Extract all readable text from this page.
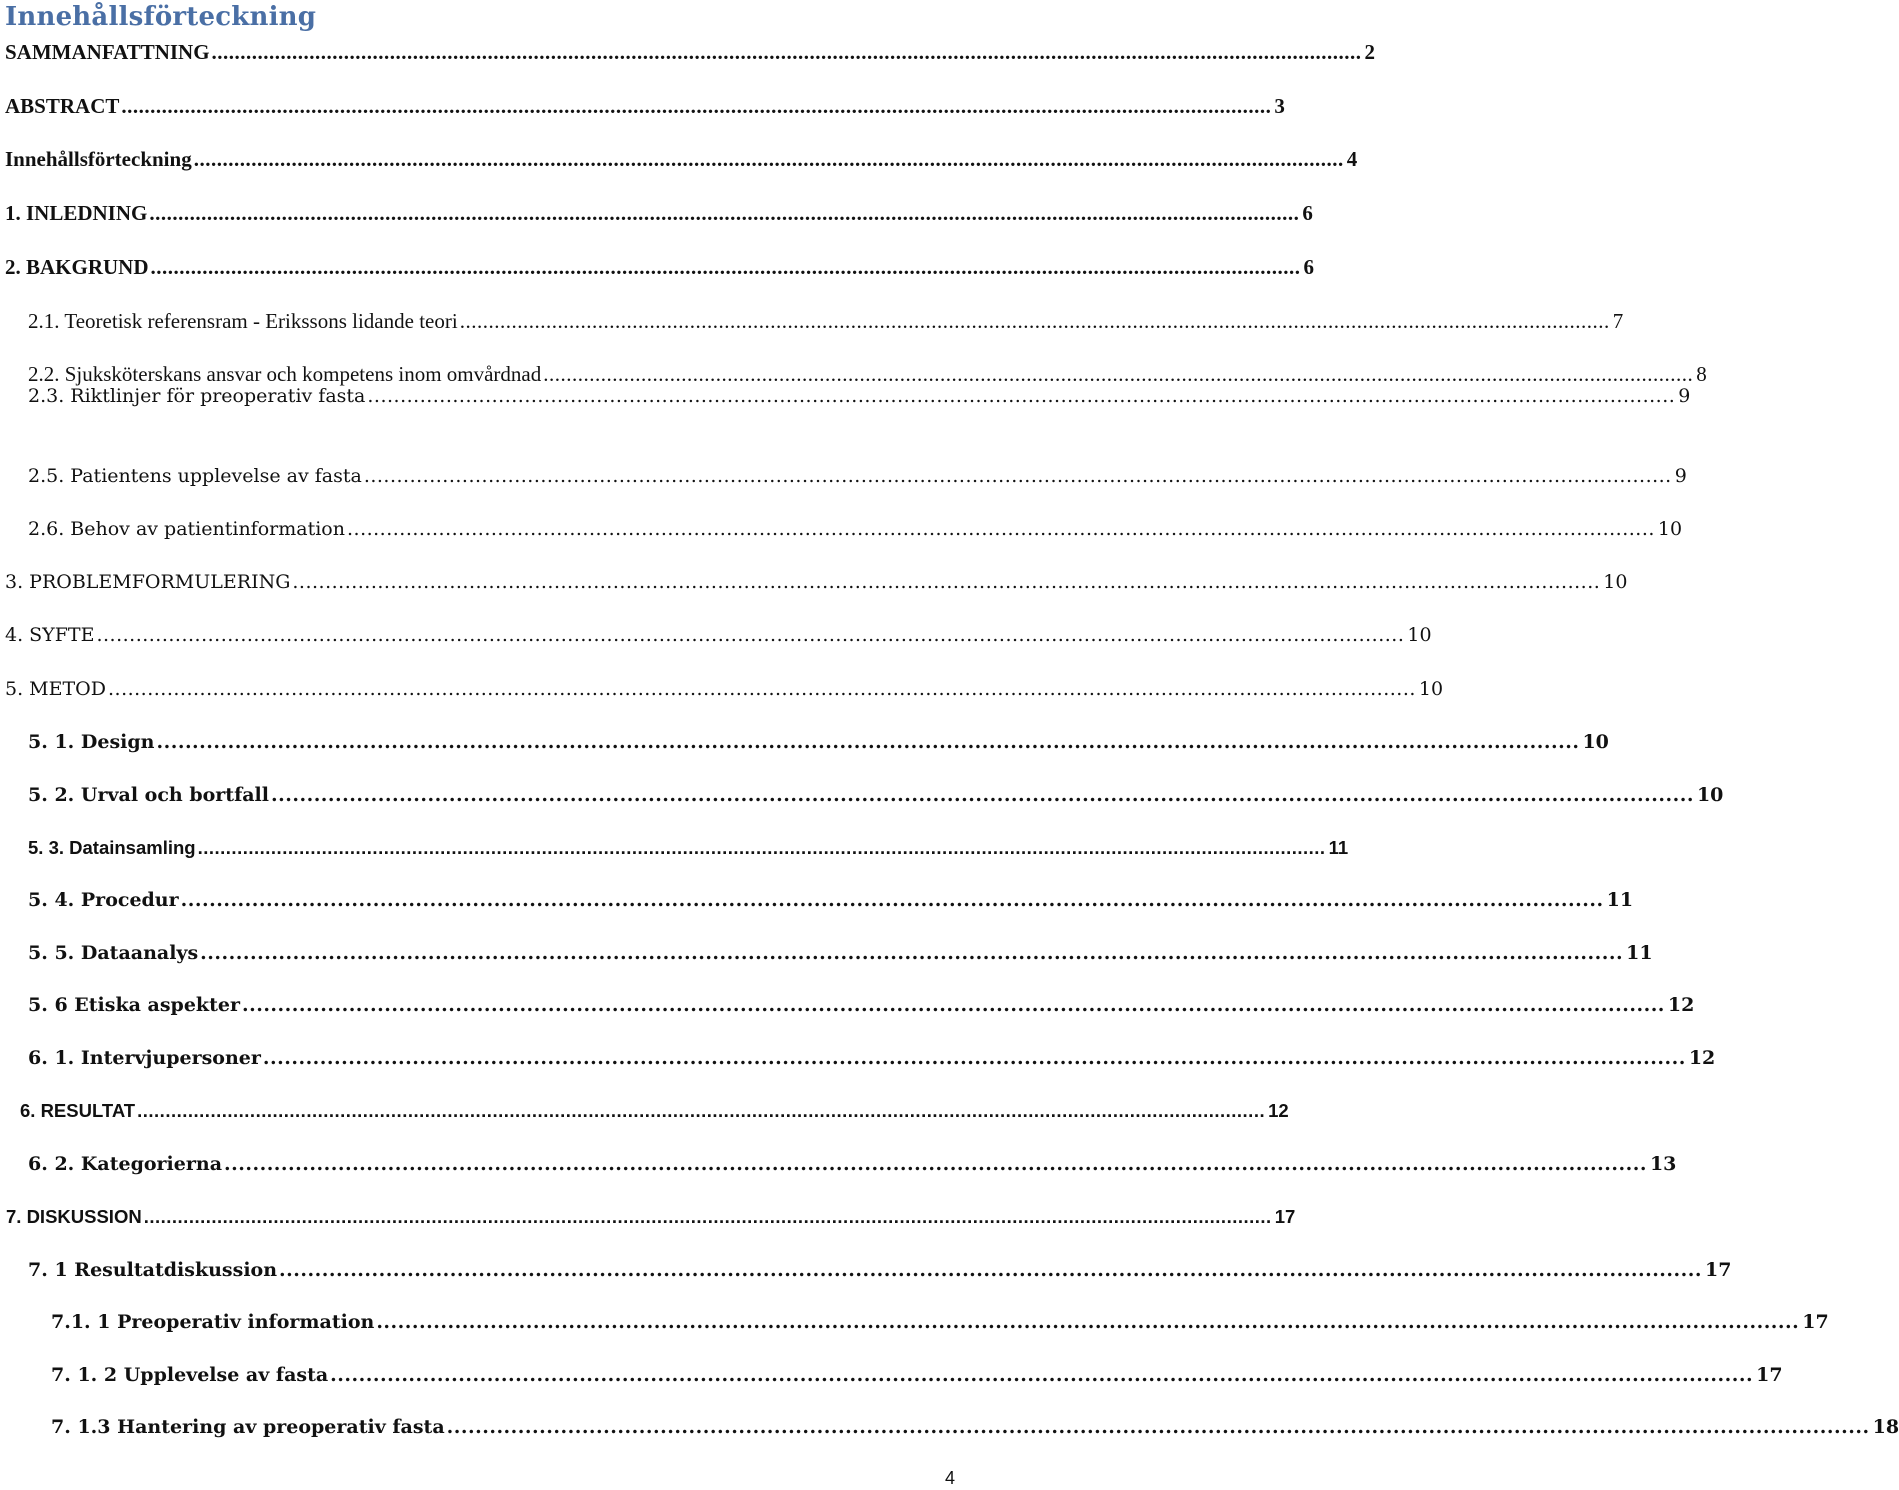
Innehållsförteckning
SAMMANFATTNING ........................................................................................................................................................................................................ 2
ABSTRACT ........................................................................................................................................................................................................ 3
Innehållsförteckning ........................................................................................................................................................................................................ 4
1. INLEDNING ........................................................................................................................................................................................................ 6
2. BAKGRUND ........................................................................................................................................................................................................ 6
2.1. Teoretisk referensram - Erikssons lidande teori ........................................................................................................................................................................................................ 7
2.2. Sjuksköterskans ansvar och kompetens inom omvårdnad ........................................................................................................................................................................................................ 8
2.3. Riktlinjer för preoperativ fasta ........................................................................................................................................................................................................ 9
2.5. Patientens upplevelse av fasta ........................................................................................................................................................................................................ 9
2.6. Behov av patientinformation ........................................................................................................................................................................................................ 10
3. PROBLEMFORMULERING ........................................................................................................................................................................................................ 10
4. SYFTE ........................................................................................................................................................................................................ 10
5. METOD ........................................................................................................................................................................................................ 10
5. 1. Design ........................................................................................................................................................................................................ 10
5. 2. Urval och bortfall ........................................................................................................................................................................................................ 10
5. 3. Datainsamling ........................................................................................................................................................................................................ 11
5. 4. Procedur ........................................................................................................................................................................................................ 11
5. 5. Dataanalys ........................................................................................................................................................................................................ 11
5. 6 Etiska aspekter ........................................................................................................................................................................................................ 12
6. 1. Intervjupersoner ........................................................................................................................................................................................................ 12
6. RESULTAT ........................................................................................................................................................................................................ 12
6. 2. Kategorierna ........................................................................................................................................................................................................ 13
7. DISKUSSION ........................................................................................................................................................................................................ 17
7. 1 Resultatdiskussion ........................................................................................................................................................................................................ 17
7.1. 1 Preoperativ information ........................................................................................................................................................................................................ 17
7. 1. 2 Upplevelse av fasta ........................................................................................................................................................................................................ 17
7. 1.3 Hantering av preoperativ fasta ........................................................................................................................................................................................................ 18
4
